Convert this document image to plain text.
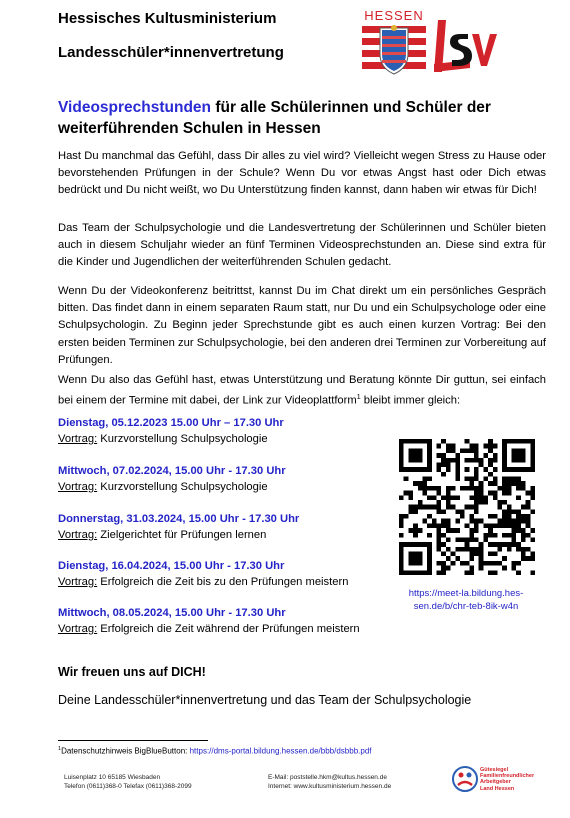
Hessisches Kultusministerium
Landesschüler*innenvertretung
HESSEN
Videosprechstunden für alle Schülerinnen und Schüler der weiterführenden Schulen in Hessen
Hast Du manchmal das Gefühl, dass Dir alles zu viel wird? Vielleicht wegen Stress zu Hause oder bevorstehenden Prüfungen in der Schule? Wenn Du vor etwas Angst hast oder Dich etwas bedrückt und Du nicht weißt, wo Du Unterstützung finden kannst, dann haben wir etwas für Dich!
Das Team der Schulpsychologie und die Landesvertretung der Schülerinnen und Schüler bieten auch in diesem Schuljahr wieder an fünf Terminen Videosprechstunden an. Diese sind extra für die Kinder und Jugendlichen der weiterführenden Schulen gedacht.
Wenn Du der Videokonferenz beitrittst, kannst Du im Chat direkt um ein persönliches Gespräch bitten. Das findet dann in einem separaten Raum statt, nur Du und ein Schulpsychologe oder eine Schulpsychologin. Zu Beginn jeder Sprechstunde gibt es auch einen kurzen Vortrag: Bei den ersten beiden Terminen zur Schulpsychologie, bei den anderen drei Terminen zur Vorbereitung auf Prüfungen.
Wenn Du also das Gefühl hast, etwas Unterstützung und Beratung könnte Dir guttun, sei einfach bei einem der Termine mit dabei, der Link zur Videoplattform$^1$ bleibt immer gleich:
Dienstag, 05.12.2023 15.00 Uhr – 17.30 Uhr
Vortrag: Kurzvorstellung Schulpsychologie
Mittwoch, 07.02.2024, 15.00 Uhr - 17.30 Uhr
Vortrag: Kurzvorstellung Schulpsychologie
Donnerstag, 31.03.2024, 15.00 Uhr - 17.30 Uhr
Vortrag: Zielgerichtet für Prüfungen lernen
Dienstag, 16.04.2024, 15.00 Uhr - 17.30 Uhr
Vortrag: Erfolgreich die Zeit bis zu den Prüfungen meistern
Mittwoch, 08.05.2024, 15.00 Uhr - 17.30 Uhr
Vortrag: Erfolgreich die Zeit während der Prüfungen meistern
https://meet-la.bildung.hes-
sen.de/b/chr-teb-8ik-w4n
Wir freuen uns auf DICH!
Deine Landesschüler*innenvertretung und das Team der Schulpsychologie
$^1$Datenschutzhinweis BigBlueButton: https://dms-portal.bildung.hessen.de/bbb/dsbbb.pdf
Luisenplatz 10 65185 Wiesbaden
Telefon (0611)368-0 Telefax (0611)368-2099
E-Mail: poststelle.hkm@kultus.hessen.de
Internet: www.kultusministerium.hessen.de
Gütesiegel
Familienfreundlicher
Arbeitgeber
Land Hessen
